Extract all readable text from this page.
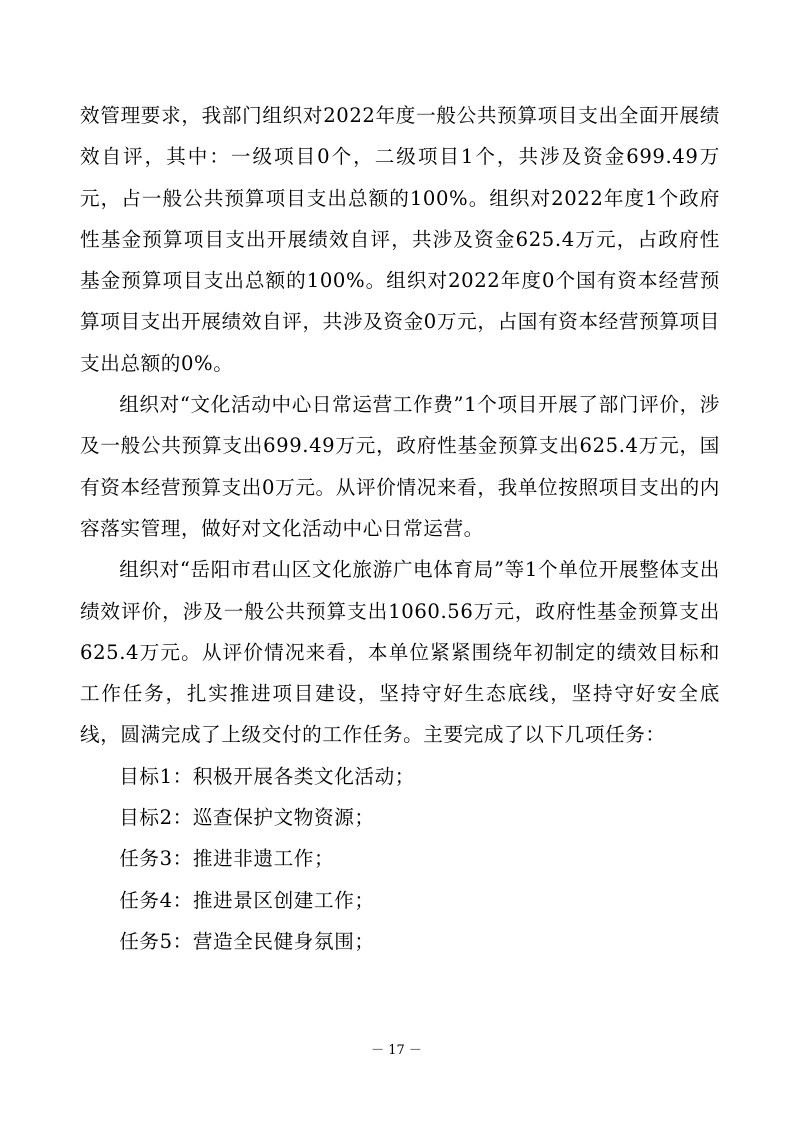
效管理要求，我部门组织对2022年度一般公共预算项目支出全面开展绩效自评，其中：一级项目0个，二级项目1个，共涉及资金699.49万元，占一般公共预算项目支出总额的100%。组织对2022年度1个政府性基金预算项目支出开展绩效自评，共涉及资金625.4万元，占政府性基金预算项目支出总额的100%。组织对2022年度0个国有资本经营预算项目支出开展绩效自评，共涉及资金0万元，占国有资本经营预算项目支出总额的0%。

组织对“文化活动中心日常运营工作费”1个项目开展了部门评价，涉及一般公共预算支出699.49万元，政府性基金预算支出625.4万元，国有资本经营预算支出0万元。从评价情况来看，我单位按照项目支出的内容落实管理，做好对文化活动中心日常运营。

组织对“岳阳市君山区文化旅游广电体育局”等1个单位开展整体支出绩效评价，涉及一般公共预算支出1060.56万元，政府性基金预算支出625.4万元。从评价情况来看，本单位紧紧围绕年初制定的绩效目标和工作任务，扎实推进项目建设，坚持守好生态底线，坚持守好安全底线，圆满完成了上级交付的工作任务。主要完成了以下几项任务：

目标1：积极开展各类文化活动；

目标2：巡查保护文物资源；

任务3：推进非遗工作；

任务4：推进景区创建工作；

任务5：营造全民健身氛围；

－ 17 －
